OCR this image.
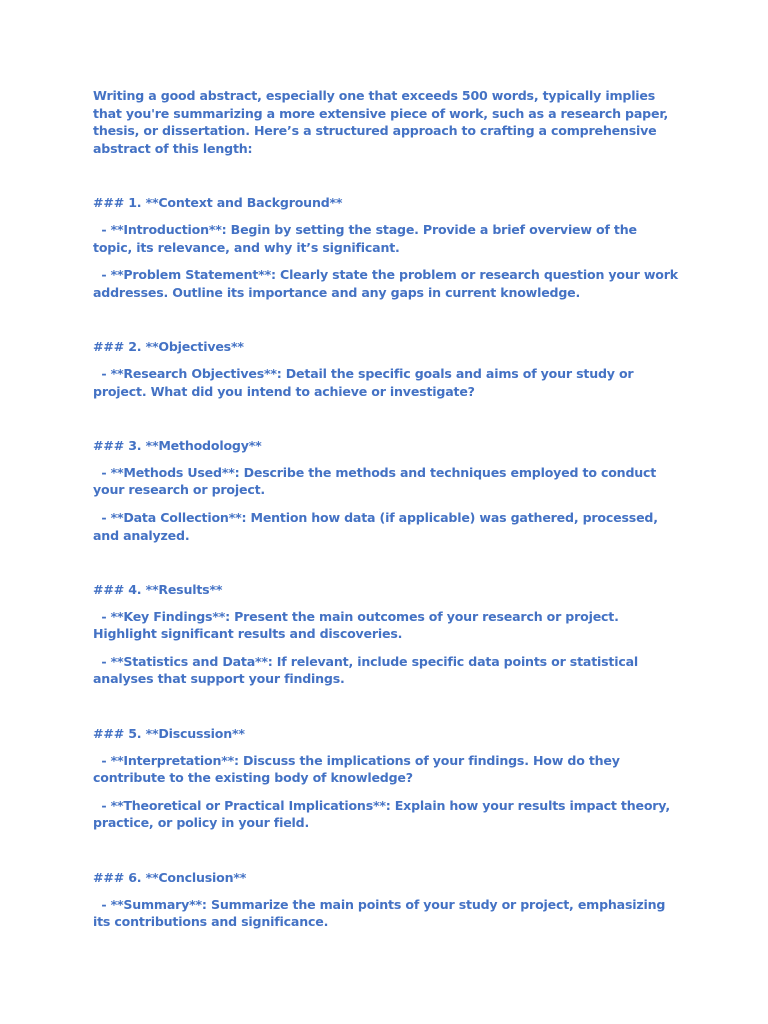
Writing a good abstract, especially one that exceeds 500 words, typically implies that you're summarizing a more extensive piece of work, such as a research paper, thesis, or dissertation. Here’s a structured approach to crafting a comprehensive abstract of this length:

### 1. **Context and Background**

- **Introduction**: Begin by setting the stage. Provide a brief overview of the topic, its relevance, and why it’s significant.

- **Problem Statement**: Clearly state the problem or research question your work addresses. Outline its importance and any gaps in current knowledge.

### 2. **Objectives**

- **Research Objectives**: Detail the specific goals and aims of your study or project. What did you intend to achieve or investigate?

### 3. **Methodology**

- **Methods Used**: Describe the methods and techniques employed to conduct your research or project.

- **Data Collection**: Mention how data (if applicable) was gathered, processed, and analyzed.

### 4. **Results**

- **Key Findings**: Present the main outcomes of your research or project. Highlight significant results and discoveries.

- **Statistics and Data**: If relevant, include specific data points or statistical analyses that support your findings.

### 5. **Discussion**

- **Interpretation**: Discuss the implications of your findings. How do they contribute to the existing body of knowledge?

- **Theoretical or Practical Implications**: Explain how your results impact theory, practice, or policy in your field.

### 6. **Conclusion**

- **Summary**: Summarize the main points of your study or project, emphasizing its contributions and significance.
